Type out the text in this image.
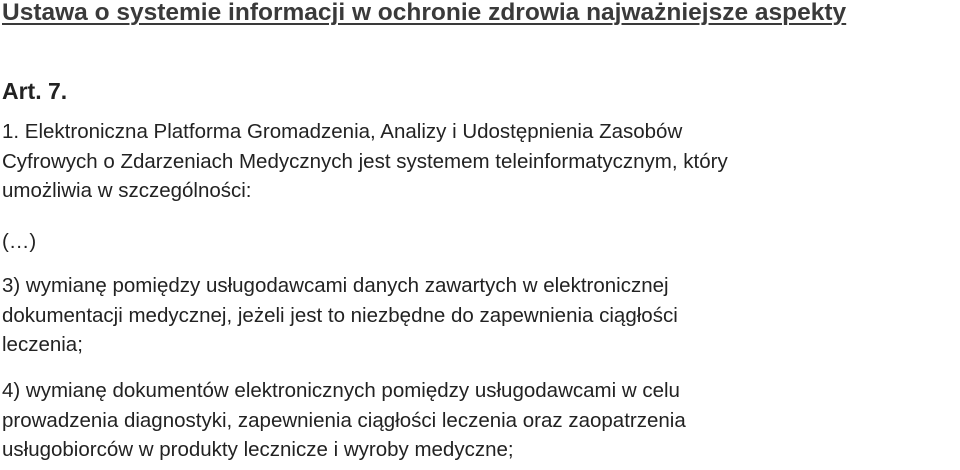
Ustawa o systemie informacji w ochronie zdrowia najważniejsze aspekty
Art. 7.
1. Elektroniczna Platforma Gromadzenia, Analizy i Udostępnienia Zasobów
Cyfrowych o Zdarzeniach Medycznych jest systemem teleinformatycznym, który
umożliwia w szczególności:
(…)
3) wymianę pomiędzy usługodawcami danych zawartych w elektronicznej
dokumentacji medycznej, jeżeli jest to niezbędne do zapewnienia ciągłości
leczenia;
4) wymianę dokumentów elektronicznych pomiędzy usługodawcami w celu
prowadzenia diagnostyki, zapewnienia ciągłości leczenia oraz zaopatrzenia
usługobiorców w produkty lecznicze i wyroby medyczne;
